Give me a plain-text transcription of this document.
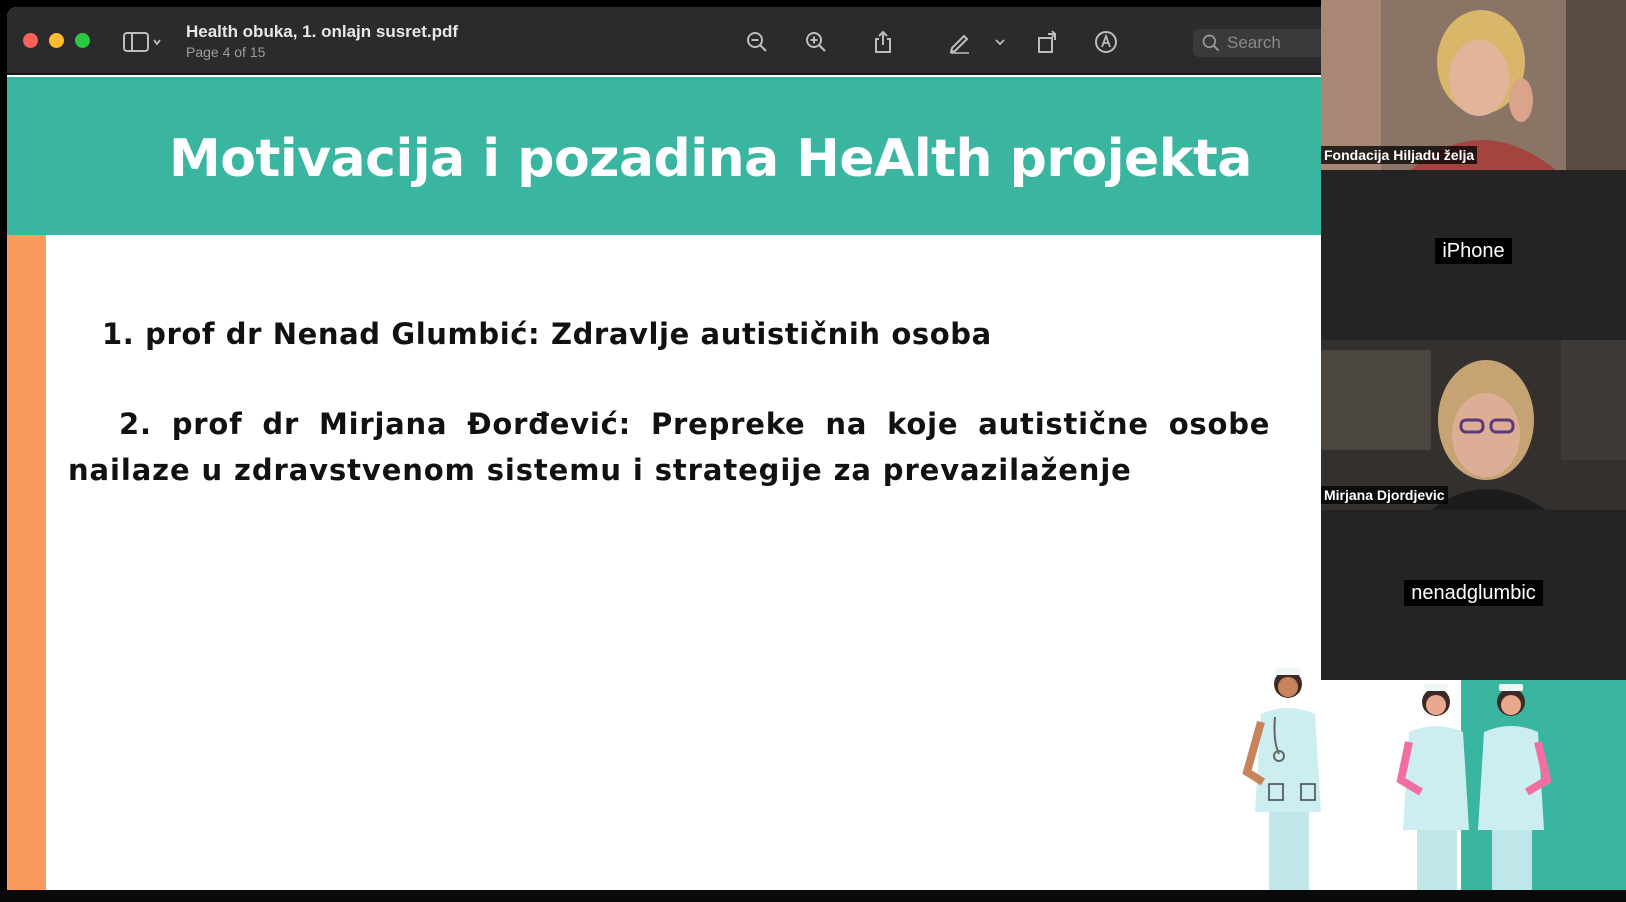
Health obuka, 1. onlajn susret.pdf
Page 4 of 15
Search
Motivacija i pozadina HeAlth projekta
1. prof dr Nenad Glumbić: Zdravlje autističnih osoba
2. prof dr Mirjana Đorđević: Prepreke na koje autistične osobe
nailaze u zdravstvenom sistemu i strategije za prevazilaženje
Fondacija Hiljadu želja
iPhone
Mirjana Djordjevic
nenadglumbic
